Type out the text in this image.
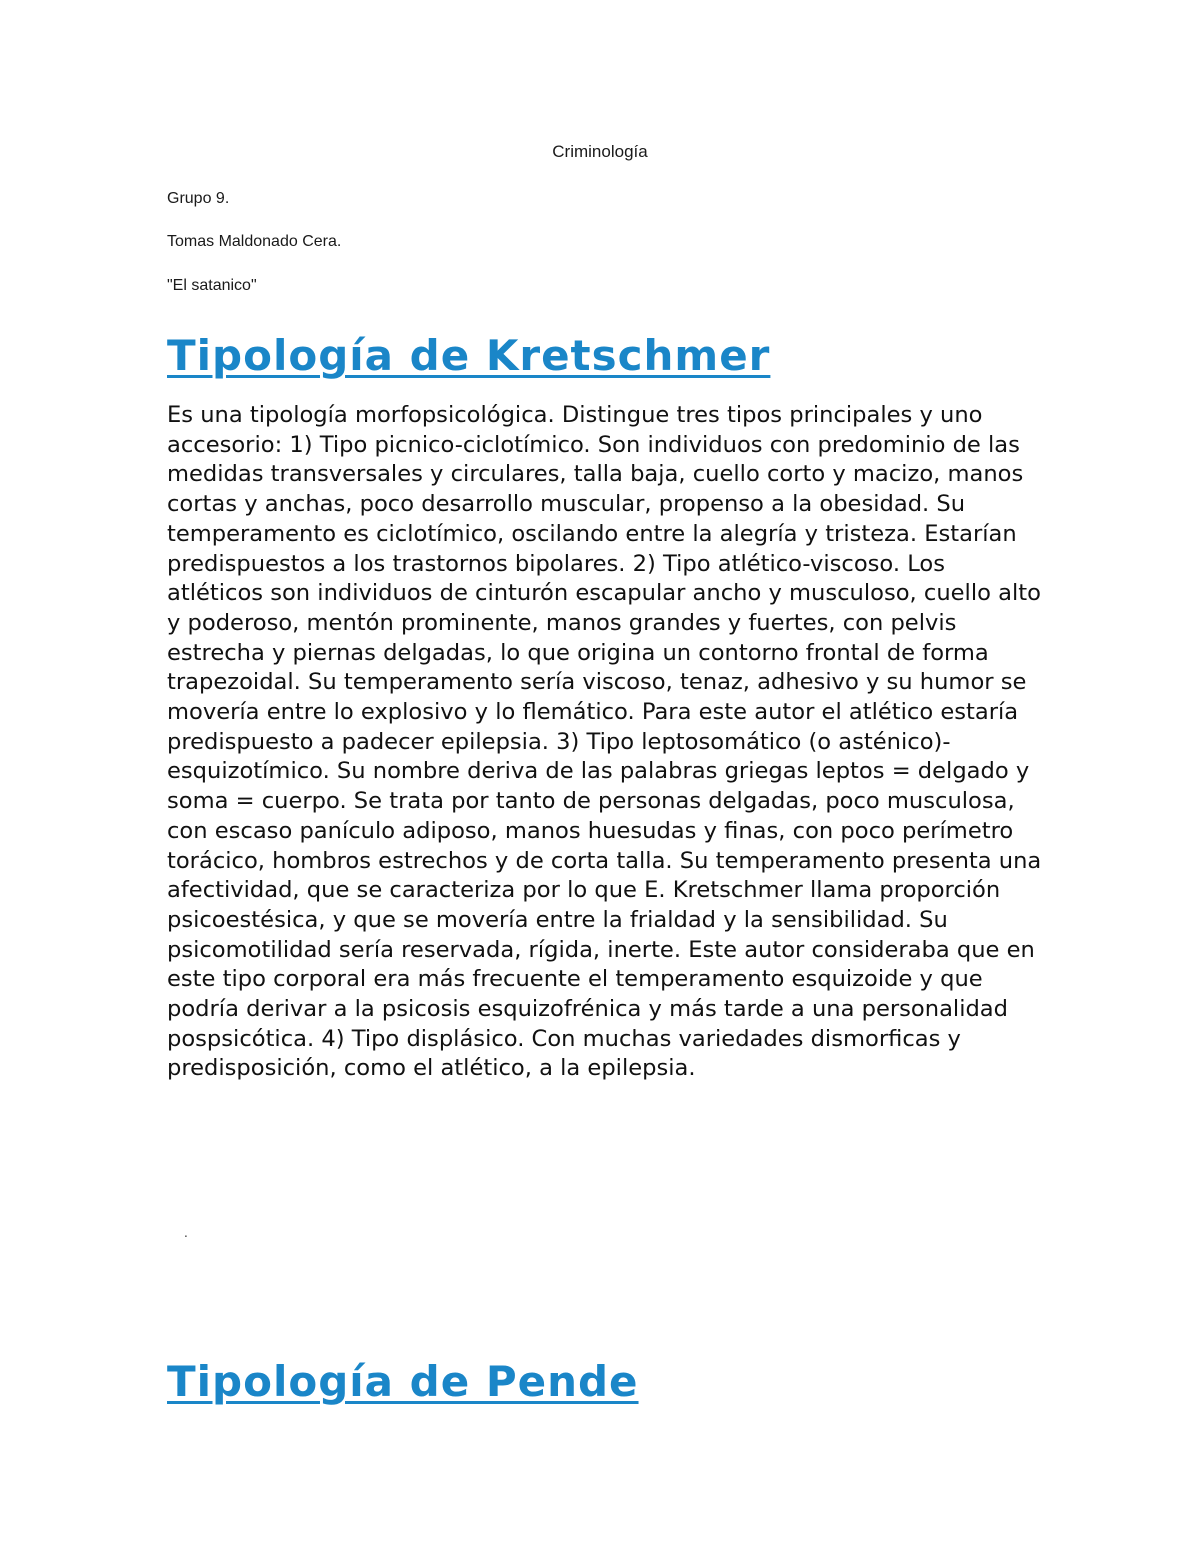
Criminología
Grupo 9.
Tomas Maldonado Cera.
"El satanico"
Tipología de Kretschmer
Es una tipología morfopsicológica. Distingue tres tipos principales y uno accesorio: 1) Tipo picnico-ciclotímico. Son individuos con predominio de las medidas transversales y circulares, talla baja, cuello corto y macizo, manos cortas y anchas, poco desarrollo muscular, propenso a la obesidad. Su temperamento es ciclotímico, oscilando entre la alegría y tristeza. Estarían predispuestos a los trastornos bipolares. 2) Tipo atlético-viscoso. Los atléticos son individuos de cinturón escapular ancho y musculoso, cuello alto y poderoso, mentón prominente, manos grandes y fuertes, con pelvis estrecha y piernas delgadas, lo que origina un contorno frontal de forma trapezoidal. Su temperamento sería viscoso, tenaz, adhesivo y su humor se movería entre lo explosivo y lo flemático. Para este autor el atlético estaría predispuesto a padecer epilepsia. 3) Tipo leptosomático (o asténico)-esquizotímico. Su nombre deriva de las palabras griegas leptos = delgado y soma = cuerpo. Se trata por tanto de personas delgadas, poco musculosa, con escaso panículo adiposo, manos huesudas y finas, con poco perímetro torácico, hombros estrechos y de corta talla. Su temperamento presenta una afectividad, que se caracteriza por lo que E. Kretschmer llama proporción psicoestésica, y que se movería entre la frialdad y la sensibilidad. Su psicomotilidad sería reservada, rígida, inerte. Este autor consideraba que en este tipo corporal era más frecuente el temperamento esquizoide y que podría derivar a la psicosis esquizofrénica y más tarde a una personalidad pospsicótica. 4) Tipo displásico. Con muchas variedades dismorficas y predisposición, como el atlético, a la epilepsia.
.
Tipología de Pende
